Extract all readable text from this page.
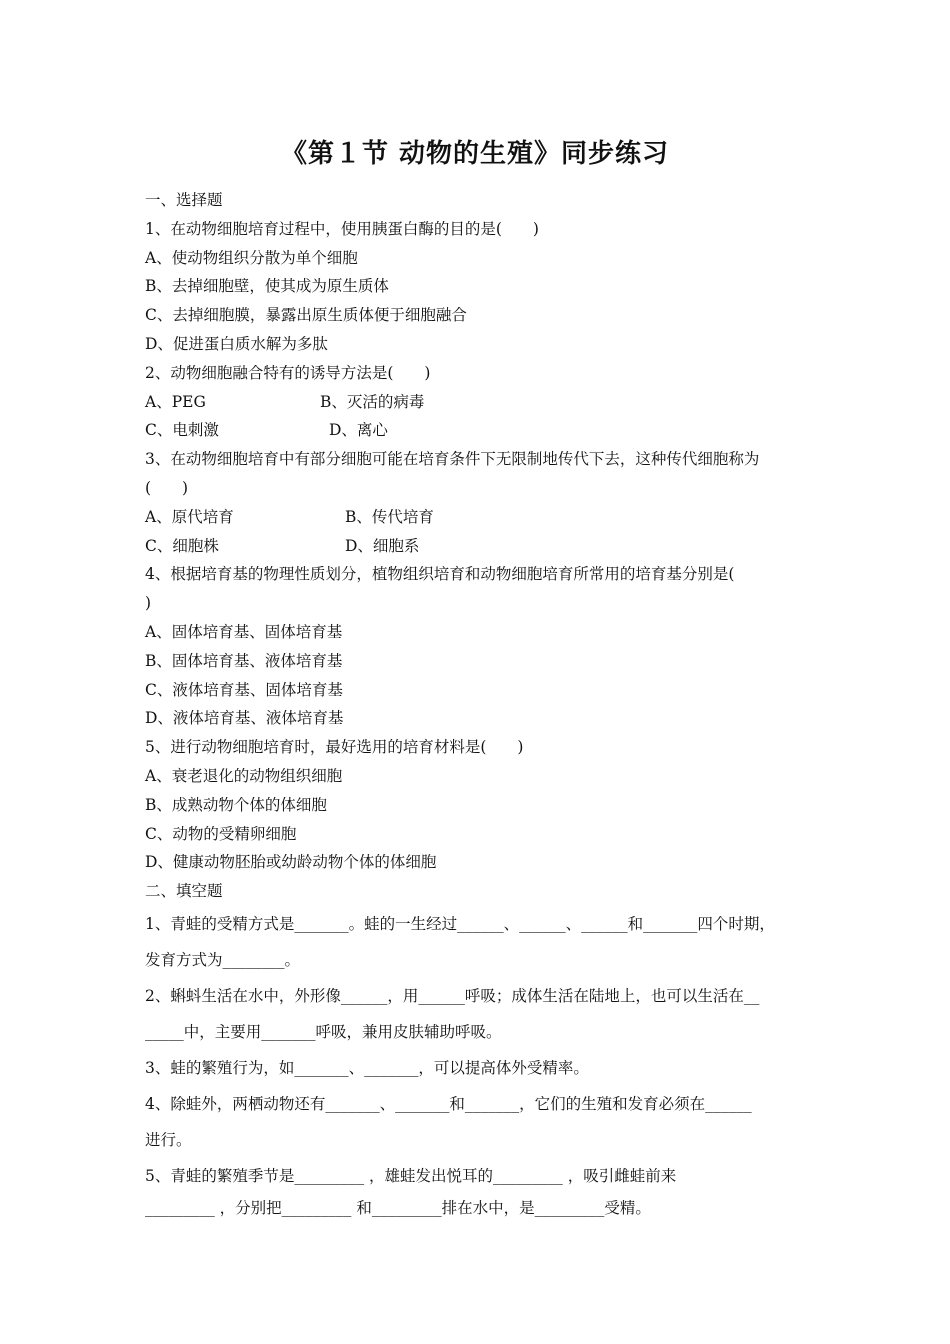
《第１节 动物的生殖》同步练习
一、选择题
1、在动物细胞培育过程中，使用胰蛋白酶的目的是(　　)
A、使动物组织分散为单个细胞
B、去掉细胞壁，使其成为原生质体
C、去掉细胞膜，暴露出原生质体便于细胞融合
D、促进蛋白质水解为多肽
2、动物细胞融合特有的诱导方法是(　　)
A、PEG	B、灭活的病毒
C、电刺激	D、离心
3、在动物细胞培育中有部分细胞可能在培育条件下无限制地传代下去，这种传代细胞称为
(　　)
A、原代培育	B、传代培育
C、细胞株	D、细胞系
4、根据培育基的物理性质划分，植物组织培育和动物细胞培育所常用的培育基分别是(
)
A、固体培育基、固体培育基
B、固体培育基、液体培育基
C、液体培育基、固体培育基
D、液体培育基、液体培育基
5、进行动物细胞培育时，最好选用的培育材料是(　　)
A、衰老退化的动物组织细胞
B、成熟动物个体的体细胞
C、动物的受精卵细胞
D、健康动物胚胎或幼龄动物个体的体细胞
二、填空题
1、青蛙的受精方式是_______。蛙的一生经过______、______、______和_______四个时期，
发育方式为________。
2、蝌蚪生活在水中，外形像______，用______呼吸；成体生活在陆地上，也可以生活在__
_____中，主要用_______呼吸，兼用皮肤辅助呼吸。
3、蛙的繁殖行为，如_______、_______，可以提高体外受精率。
4、除蛙外，两栖动物还有_______、_______和_______，它们的生殖和发育必须在______
进行。
5、青蛙的繁殖季节是_________ ，雄蛙发出悦耳的_________ ，吸引雌蛙前来
_________ ，分别把_________ 和_________排在水中，是_________受精。
